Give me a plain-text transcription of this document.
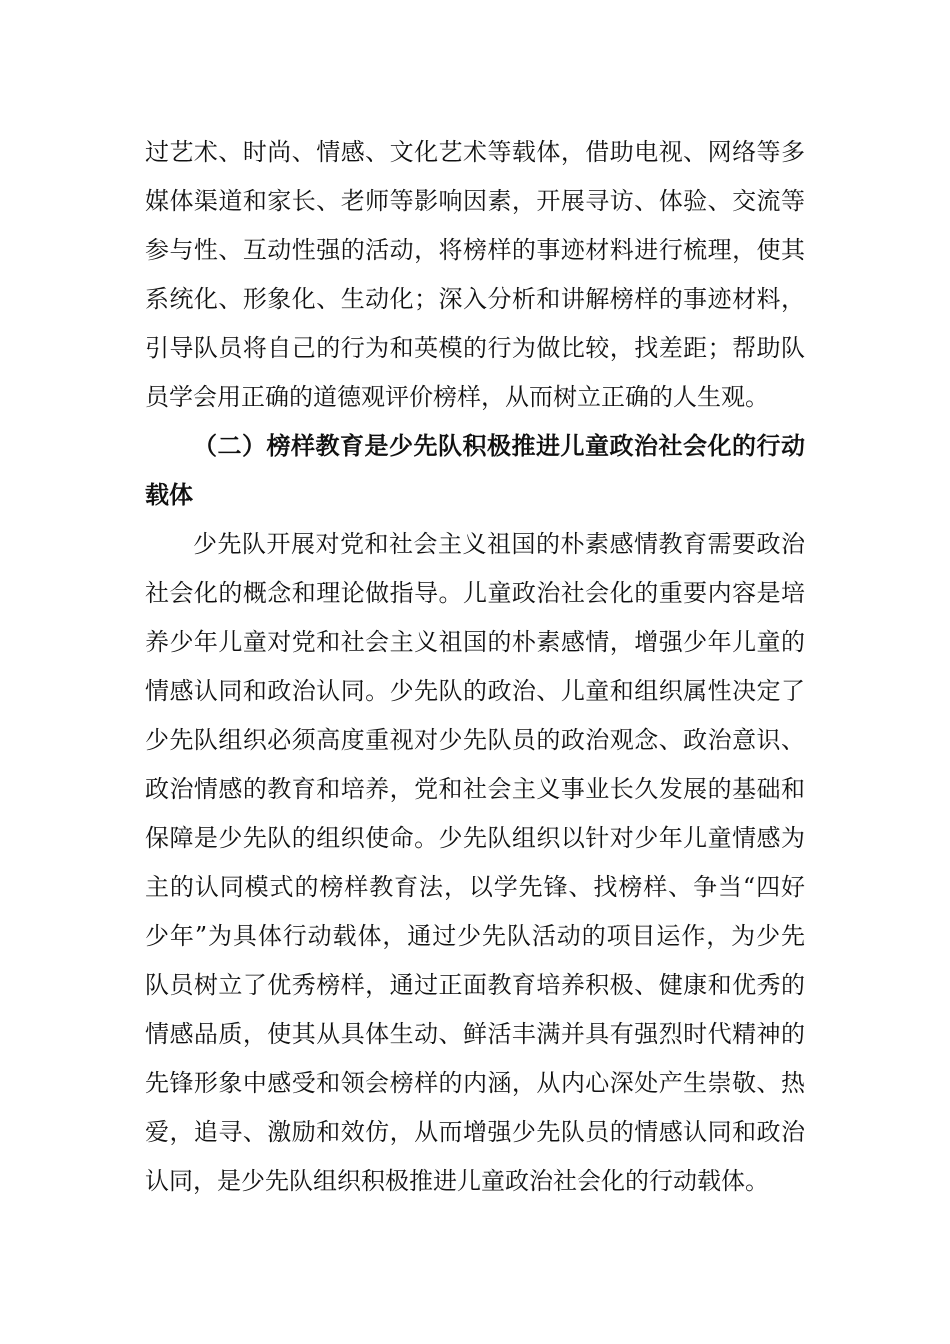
过艺术、时尚、情感、文化艺术等载体，借助电视、网络等多
媒体渠道和家长、老师等影响因素，开展寻访、体验、交流等
参与性、互动性强的活动，将榜样的事迹材料进行梳理，使其
系统化、形象化、生动化；深入分析和讲解榜样的事迹材料，
引导队员将自己的行为和英模的行为做比较，找差距；帮助队
员学会用正确的道德观评价榜样，从而树立正确的人生观。
（二）榜样教育是少先队积极推进儿童政治社会化的行动
载体
少先队开展对党和社会主义祖国的朴素感情教育需要政治
社会化的概念和理论做指导。儿童政治社会化的重要内容是培
养少年儿童对党和社会主义祖国的朴素感情，增强少年儿童的
情感认同和政治认同。少先队的政治、儿童和组织属性决定了
少先队组织必须高度重视对少先队员的政治观念、政治意识、
政治情感的教育和培养，党和社会主义事业长久发展的基础和
保障是少先队的组织使命。少先队组织以针对少年儿童情感为
主的认同模式的榜样教育法，以学先锋、找榜样、争当“四好
少年”为具体行动载体，通过少先队活动的项目运作，为少先
队员树立了优秀榜样，通过正面教育培养积极、健康和优秀的
情感品质，使其从具体生动、鲜活丰满并具有强烈时代精神的
先锋形象中感受和领会榜样的内涵，从内心深处产生崇敬、热
爱，追寻、激励和效仿，从而增强少先队员的情感认同和政治
认同，是少先队组织积极推进儿童政治社会化的行动载体。
